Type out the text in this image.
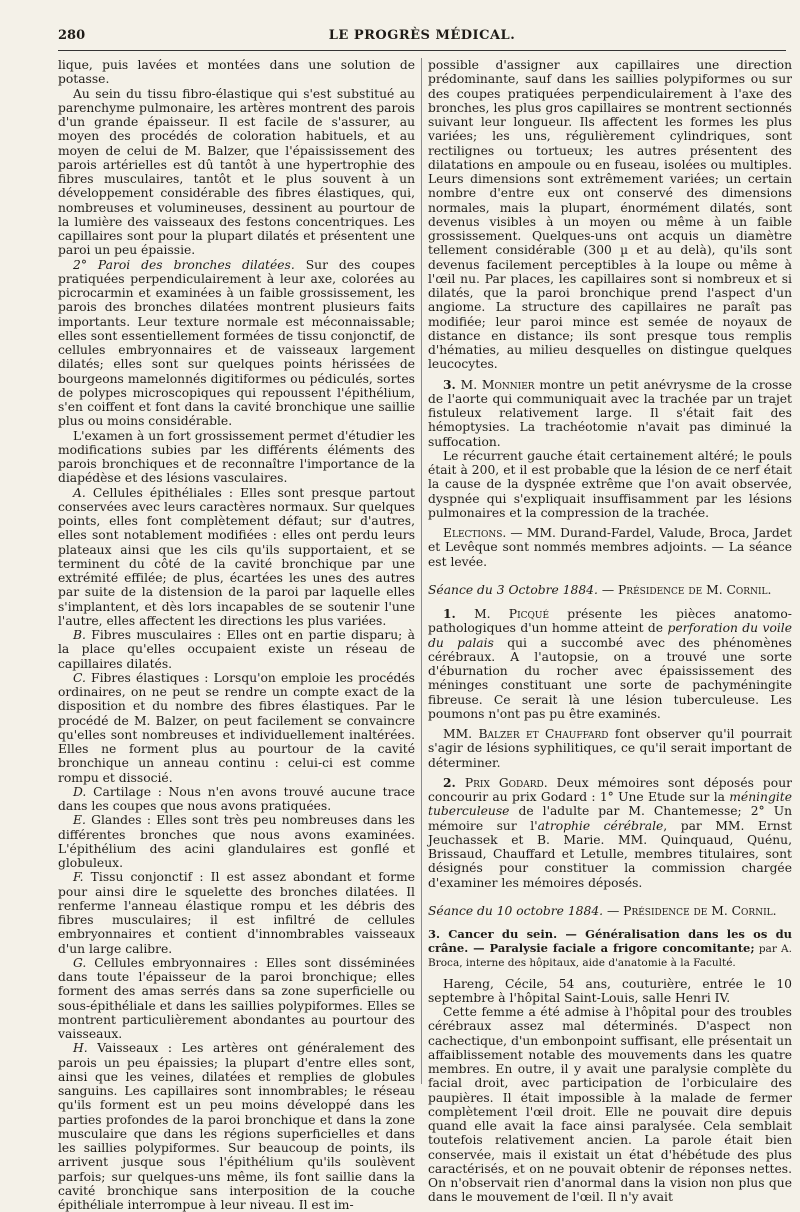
280	LE PROGRÈS MÉDICAL.

lique, puis lavées et montées dans une solution de potasse.

Au sein du tissu fibro-élastique qui s'est substitué au parenchyme pulmonaire, les artères montrent des parois d'un grande épaisseur. Il est facile de s'assurer, au moyen des procédés de coloration habituels, et au moyen de celui de M. Balzer, que l'épaississement des parois artérielles est dû tantôt à une hypertrophie des fibres musculaires, tantôt et le plus souvent à un développement considérable des fibres élastiques, qui, nombreuses et volumineuses, dessinent au pourtour de la lumière des vaisseaux des festons concentriques. Les capillaires sont pour la plupart dilatés et présentent une paroi un peu épaissie.

2° Paroi des bronches dilatées. Sur des coupes pratiquées perpendiculairement à leur axe, colorées au picrocarmin et examinées à un faible grossissement, les parois des bronches dilatées montrent plusieurs faits importants. Leur texture normale est méconnaissable; elles sont essentiellement formées de tissu conjonctif, de cellules embryonnaires et de vaisseaux largement dilatés; elles sont sur quelques points hérissées de bourgeons mamelonnés digitiformes ou pédiculés, sortes de polypes microscopiques qui repoussent l'épithélium, s'en coiffent et font dans la cavité bronchique une saillie plus ou moins considérable.

L'examen à un fort grossissement permet d'étudier les modifications subies par les différents éléments des parois bronchiques et de reconnaître l'importance de la diapédèse et des lésions vasculaires.

A. Cellules épithéliales : Elles sont presque partout conservées avec leurs caractères normaux. Sur quelques points, elles font complètement défaut; sur d'autres, elles sont notablement modifiées : elles ont perdu leurs plateaux ainsi que les cils qu'ils supportaient, et se terminent du côté de la cavité bronchique par une extrémité effilée; de plus, écartées les unes des autres par suite de la distension de la paroi par laquelle elles s'implantent, et dès lors incapables de se soutenir l'une l'autre, elles affectent les directions les plus variées.

B. Fibres musculaires : Elles ont en partie disparu; à la place qu'elles occupaient existe un réseau de capillaires dilatés.

C. Fibres élastiques : Lorsqu'on emploie les procédés ordinaires, on ne peut se rendre un compte exact de la disposition et du nombre des fibres élastiques. Par le procédé de M. Balzer, on peut facilement se convaincre qu'elles sont nombreuses et individuellement inaltérées. Elles ne forment plus au pourtour de la cavité bronchique un anneau continu : celui-ci est comme rompu et dissocié.

D. Cartilage : Nous n'en avons trouvé aucune trace dans les coupes que nous avons pratiquées.

E. Glandes : Elles sont très peu nombreuses dans les différentes bronches que nous avons examinées. L'épithélium des acini glandulaires est gonflé et globuleux.

F. Tissu conjonctif : Il est assez abondant et forme pour ainsi dire le squelette des bronches dilatées. Il renferme l'anneau élastique rompu et les débris des fibres musculaires; il est infiltré de cellules embryonnaires et contient d'innombrables vaisseaux d'un large calibre.

G. Cellules embryonnaires : Elles sont disséminées dans toute l'épaisseur de la paroi bronchique; elles forment des amas serrés dans sa zone superficielle ou sous-épithéliale et dans les saillies polypiformes. Elles se montrent particulièrement abondantes au pourtour des vaisseaux.

H. Vaisseaux : Les artères ont généralement des parois un peu épaissies; la plupart d'entre elles sont, ainsi que les veines, dilatées et remplies de globules sanguins. Les capillaires sont innombrables; le réseau qu'ils forment est un peu moins développé dans les parties profondes de la paroi bronchique et dans la zone musculaire que dans les régions superficielles et dans les saillies polypiformes. Sur beaucoup de points, ils arrivent jusque sous l'épithélium qu'ils soulèvent parfois; sur quelques-uns même, ils font saillie dans la cavité bronchique sans interposition de la couche épithéliale interrompue à leur niveau. Il est im-

possible d'assigner aux capillaires une direction prédominante, sauf dans les saillies polypiformes ou sur des coupes pratiquées perpendiculairement à l'axe des bronches, les plus gros capillaires se montrent sectionnés suivant leur longueur. Ils affectent les formes les plus variées; les uns, régulièrement cylindriques, sont rectilignes ou tortueux; les autres présentent des dilatations en ampoule ou en fuseau, isolées ou multiples. Leurs dimensions sont extrêmement variées; un certain nombre d'entre eux ont conservé des dimensions normales, mais la plupart, énormément dilatés, sont devenus visibles à un moyen ou même à un faible grossissement. Quelques-uns ont acquis un diamètre tellement considérable (300 µ et au delà), qu'ils sont devenus facilement perceptibles à la loupe ou même à l'œil nu. Par places, les capillaires sont si nombreux et si dilatés, que la paroi bronchique prend l'aspect d'un angiome. La structure des capillaires ne paraît pas modifiée; leur paroi mince est semée de noyaux de distance en distance; ils sont presque tous remplis d'hématies, au milieu desquelles on distingue quelques leucocytes.

3. M. Monnier montre un petit anévrysme de la crosse de l'aorte qui communiquait avec la trachée par un trajet fistuleux relativement large. Il s'était fait des hémoptysies. La trachéotomie n'avait pas diminué la suffocation.

Le récurrent gauche était certainement altéré; le pouls était à 200, et il est probable que la lésion de ce nerf était la cause de la dyspnée extrême que l'on avait observée, dyspnée qui s'expliquait insuffisamment par les lésions pulmonaires et la compression de la trachée.

Elections. — MM. Durand-Fardel, Valude, Broca, Jardet et Levêque sont nommés membres adjoints. — La séance est levée.

Séance du 3 Octobre 1884. — Présidence de M. Cornil.

1. M. Picqué présente les pièces anatomo-pathologiques d'un homme atteint de perforation du voile du palais qui a succombé avec des phénomènes cérébraux. A l'autopsie, on a trouvé une sorte d'éburnation du rocher avec épaississement des méninges constituant une sorte de pachyméningite fibreuse. Ce serait là une lésion tuberculeuse. Les poumons n'ont pas pu être examinés.

MM. Balzer et Chauffard font observer qu'il pourrait s'agir de lésions syphilitiques, ce qu'il serait important de déterminer.

2. Prix Godard. Deux mémoires sont déposés pour concourir au prix Godard : 1° Une Etude sur la méningite tuberculeuse de l'adulte par M. Chantemesse; 2° Un mémoire sur l'atrophie cérébrale, par MM. Ernst Jeuchassek et B. Marie. MM. Quinquaud, Quénu, Brissaud, Chauffard et Letulle, membres titulaires, sont désignés pour constituer la commission chargée d'examiner les mémoires déposés.

Séance du 10 octobre 1884. — Présidence de M. Cornil.

3. Cancer du sein. — Généralisation dans les os du crâne. — Paralysie faciale a frigore concomitante; par A. Broca, interne des hôpitaux, aide d'anatomie à la Faculté.

Hareng, Cécile, 54 ans, couturière, entrée le 10 septembre à l'hôpital Saint-Louis, salle Henri IV.

Cette femme a été admise à l'hôpital pour des troubles cérébraux assez mal déterminés. D'aspect non cachectique, d'un embonpoint suffisant, elle présentait un affaiblissement notable des mouvements dans les quatre membres. En outre, il y avait une paralysie complète du facial droit, avec participation de l'orbiculaire des paupières. Il était impossible à la malade de fermer complètement l'œil droit. Elle ne pouvait dire depuis quand elle avait la face ainsi paralysée. Cela semblait toutefois relativement ancien. La parole était bien conservée, mais il existait un état d'hébétude des plus caractérisés, et on ne pouvait obtenir de réponses nettes. On n'observait rien d'anormal dans la vision non plus que dans le mouvement de l'œil. Il n'y avait
